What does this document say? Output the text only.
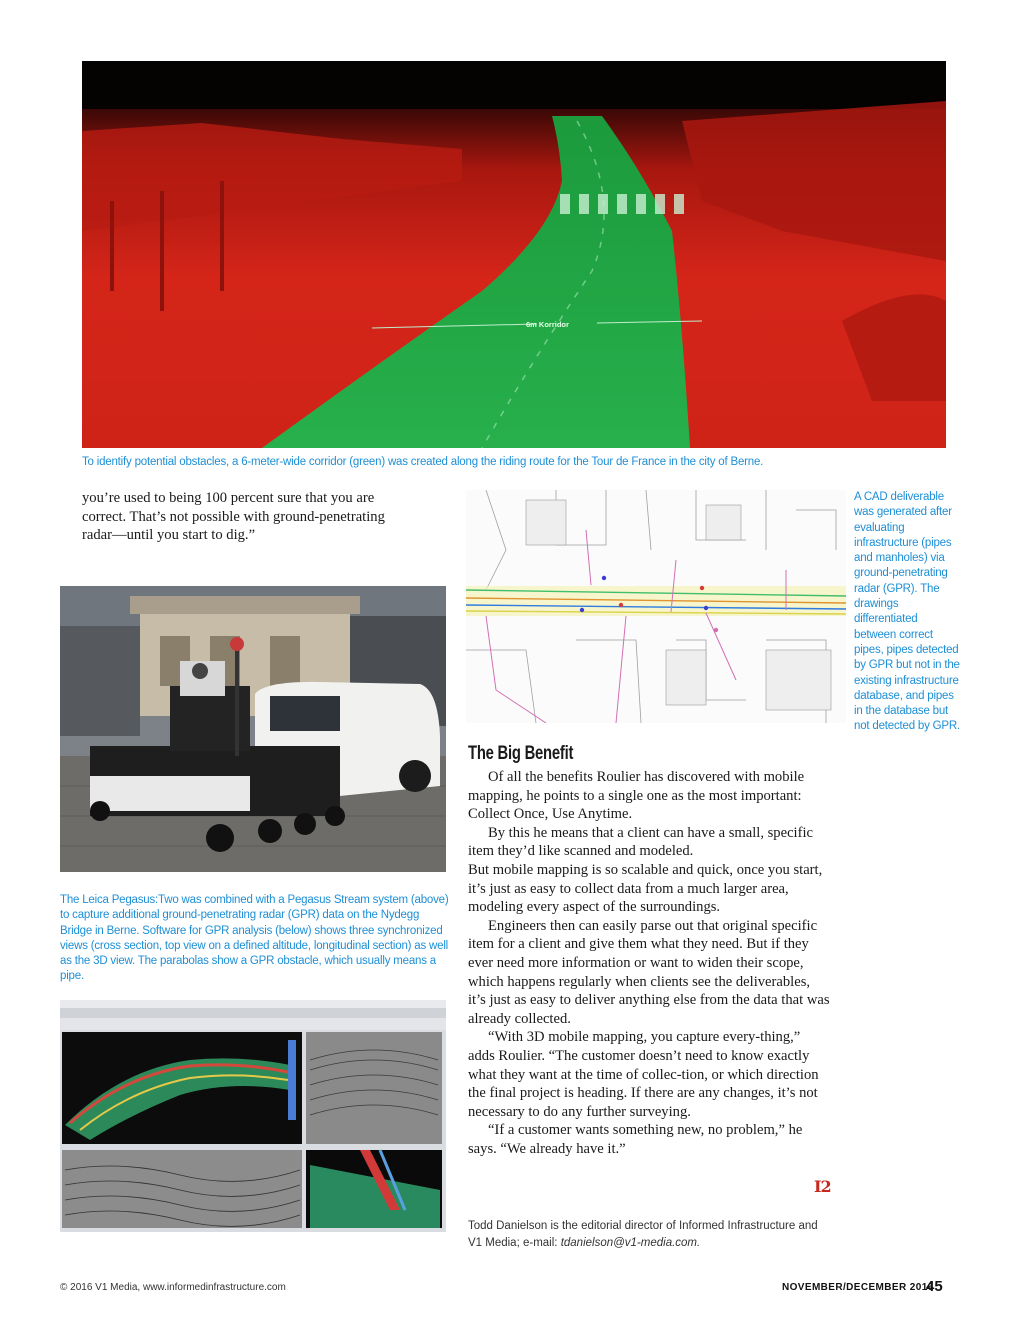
6m Korridor
To identify potential obstacles, a 6-meter-wide corridor (green) was created along the riding route for the Tour de France in the city of Berne.
you’re used to being 100 percent sure that you are
correct. That’s not possible with ground-penetrating
radar—until you start to dig.”
A CAD deliverable was generated after evaluating infrastructure (pipes and manholes) via ground-penetrating radar (GPR). The drawings differentiated between correct pipes, pipes detected by GPR but not in the existing infrastructure database, and pipes in the database but not detected by GPR.
The Leica Pegasus:Two was combined with a Pegasus Stream system (above) to capture additional ground-penetrating radar (GPR) data on the Nydegg Bridge in Berne. Software for GPR analysis (below) shows three synchronized views (cross section, top view on a defined altitude, longitudinal section) as well as the 3D view. The parabolas show a GPR obstacle, which usually means a pipe.
The Big Benefit

Of all the benefits Roulier has discovered with mobile mapping, he points to a single one as the most important: Collect Once, Use Anytime.

By this he means that a client can have a small, specific item they’d like scanned and modeled.

But mobile mapping is so scalable and quick, once you start, it’s just as easy to collect data from a much larger area, modeling every aspect of the surroundings.

Engineers then can easily parse out that original specific item for a client and give them what they need. But if they ever need more information or want to widen their scope, which happens regularly when clients see the deliverables, it’s just as easy to deliver anything else from the data that was already collected.

“With 3D mobile mapping, you capture every-thing,” adds Roulier. “The customer doesn’t need to know exactly what they want at the time of collec-tion, or which direction the final project is heading. If there are any changes, it’s not necessary to do any further surveying.

“If a customer wants something new, no problem,” he says. “We already have it.”

I2
Todd Danielson is the editorial director of Informed Infrastructure and V1 Media; e-mail: tdanielson@v1-media.com.
© 2016 V1 Media, www.informedinfrastructure.com	NOVEMBER/DECEMBER 2016
45
